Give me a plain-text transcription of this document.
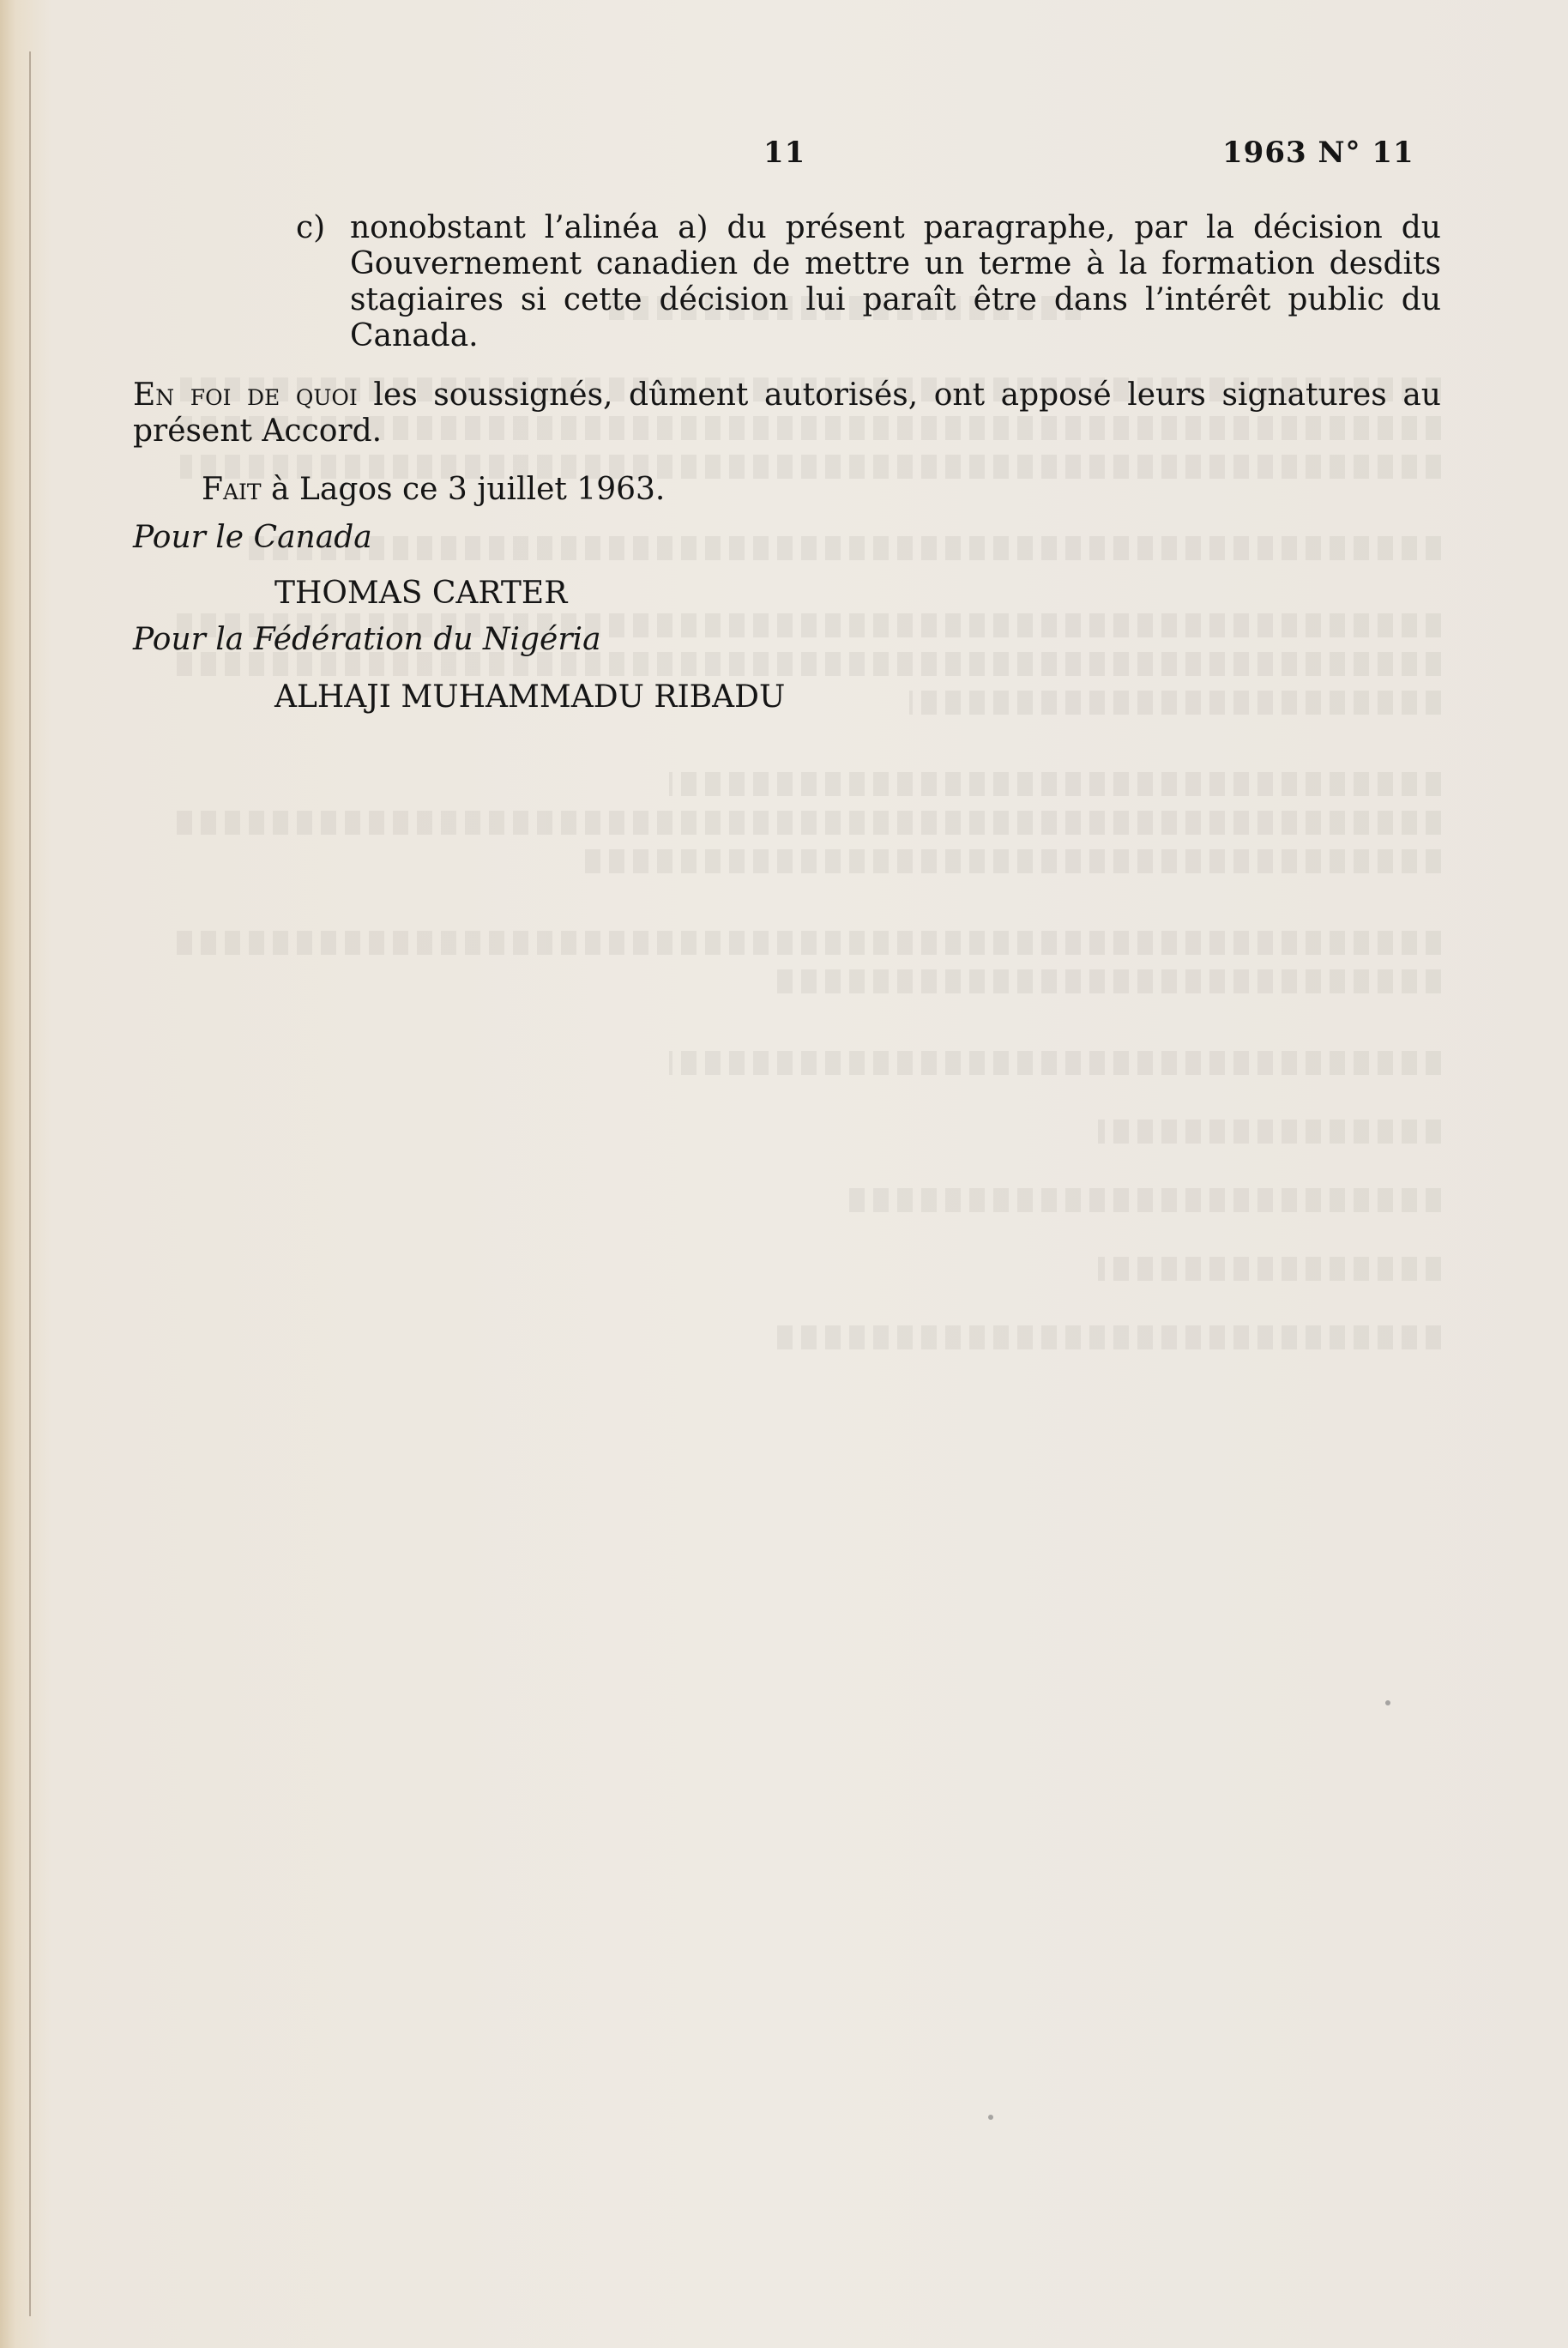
11	1963 N° 11
c) nonobstant l’alinéa a) du présent paragraphe, par la décision du Gouvernement canadien de mettre un terme à la formation desdits stagiaires si cette décision lui paraît être dans l’intérêt public du Canada.
En foi de quoi les soussignés, dûment autorisés, ont apposé leurs signatures au présent Accord.
Fait à Lagos ce 3 juillet 1963.
Pour le Canada
THOMAS CARTER
Pour la Fédération du Nigéria
ALHAJI MUHAMMADU RIBADU
